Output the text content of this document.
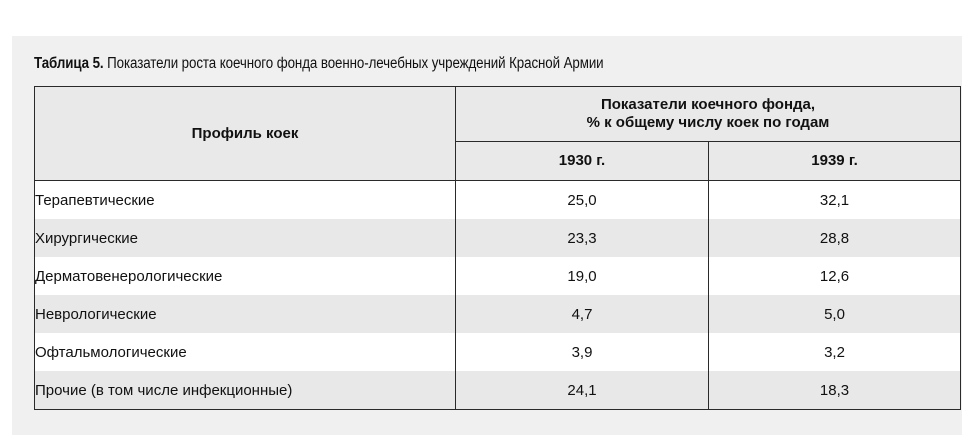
Таблица 5. Показатели роста коечного фонда военно-лечебных учреждений Красной Армии
Профиль коек	Показатели коечного фонда,
% к общему числу коек по годам	
	1930 г.	1939 г.
Терапевтические	25,0	32,1
Хирургические	23,3	28,8
Дерматовенерологические	19,0	12,6
Неврологические	4,7	5,0
Офтальмологические	3,9	3,2
Прочие (в том числе инфекционные)	24,1	18,3
